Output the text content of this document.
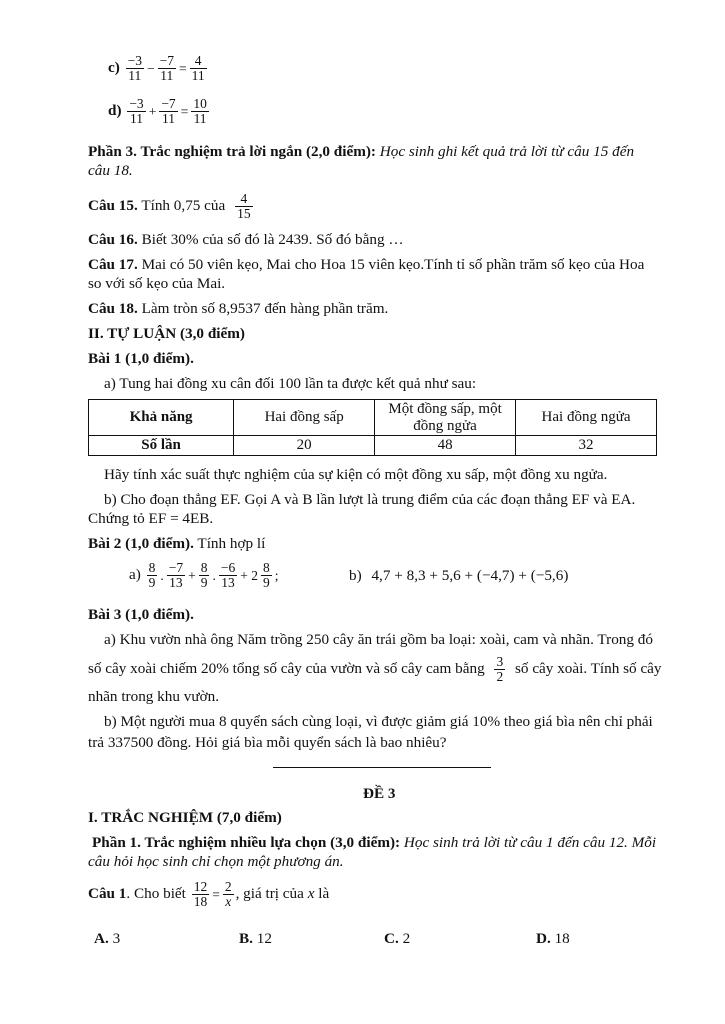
$c) \frac{-3}{11} - \frac{-7}{11} = \frac{4}{11}$
$d) \frac{-3}{11} + \frac{-7}{11} = \frac{10}{11}$
Phần 3. Trắc nghiệm trả lời ngắn (2,0 điểm): Học sinh ghi kết quả trả lời từ câu 15 đến
câu 18.
Câu 15. Tính 0,75 của $\frac{4}{15}$
Câu 16. Biết 30% của số đó là 2439. Số đó bằng …
Câu 17. Mai có 50 viên kẹo, Mai cho Hoa 15 viên kẹo.Tính tỉ số phần trăm số kẹo của Hoa
so với số kẹo của Mai.
Câu 18. Làm tròn số 8,9537 đến hàng phần trăm.
II. TỰ LUẬN (3,0 điểm)
Bài 1 (1,0 điểm).
a) Tung hai đồng xu cân đối 100 lần ta được kết quả như sau:
Khả năng	Hai đồng sấp	Một đồng sấp, một đồng ngửa	Hai đồng ngửa
Số lần	20	48	32
Hãy tính xác suất thực nghiệm của sự kiện có một đồng xu sấp, một đồng xu ngửa.
b) Cho đoạn thẳng EF. Gọi A và B lần lượt là trung điểm của các đoạn thẳng EF và EA.
Chứng tỏ EF = 4EB.
Bài 2 (1,0 điểm). Tính hợp lí
$a) \frac{8}{9}$ . $\frac{-7}{13} + \frac{8}{9}$ . $\frac{-6}{13} + 2 \frac{8}{9}$ ;	b) 4,7 + 8,3 + 5,6 + (−4,7) + (−5,6)
Bài 3 (1,0 điểm).
a) Khu vườn nhà ông Năm trồng 250 cây ăn trái gồm ba loại: xoài, cam và nhãn. Trong đó
số cây xoài chiếm 20% tổng số cây của vườn và số cây cam bằng $\frac{3}{2}$ số cây xoài. Tính số cây
nhãn trong khu vườn.
b) Một người mua 8 quyển sách cùng loại, vì được giảm giá 10% theo giá bìa nên chỉ phải
trả 337500 đồng. Hỏi giá bìa mỗi quyển sách là bao nhiêu?
ĐỀ 3
I. TRẮC NGHIỆM (7,0 điểm)
Phần 1. Trắc nghiệm nhiều lựa chọn (3,0 điểm): Học sinh trả lời từ câu 1 đến câu 12. Mỗi
câu hỏi học sinh chỉ chọn một phương án.
Câu 1. Cho biết $\frac{12}{18} = \frac{2}{x}$ , giá trị của x là
A. 3	B. 12	C. 2	D. 18
